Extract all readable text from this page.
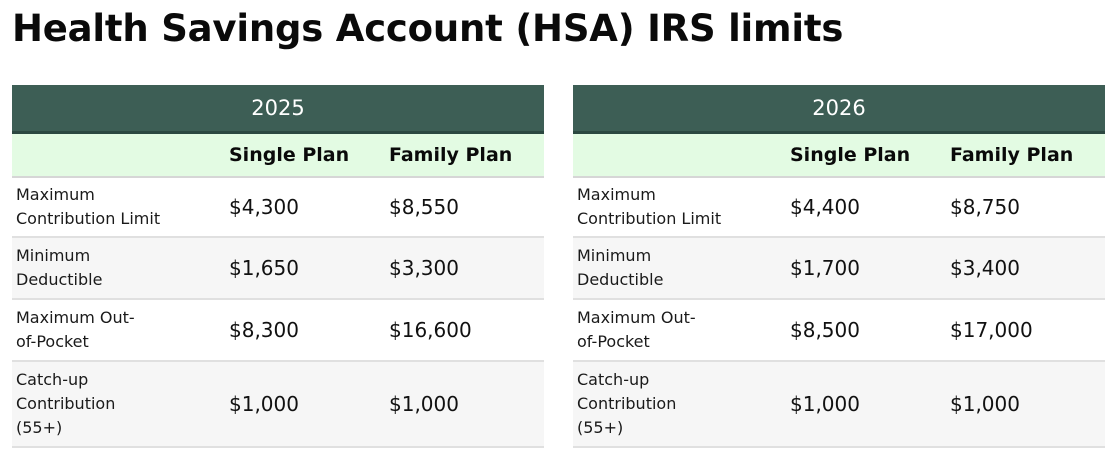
Health Savings Account (HSA) IRS limits
2025		
	Single Plan	Family Plan

Maximum
Contribution Limit	$4,300	$8,550

Minimum
Deductible	$1,650	$3,300

Maximum Out-
of-Pocket	$8,300	$16,600

Catch-up
Contribution
(55+)	$1,000	$1,000
2026		
	Single Plan	Family Plan

Maximum
Contribution Limit	$4,400	$8,750

Minimum
Deductible	$1,700	$3,400

Maximum Out-
of-Pocket	$8,500	$17,000

Catch-up
Contribution
(55+)	$1,000	$1,000
